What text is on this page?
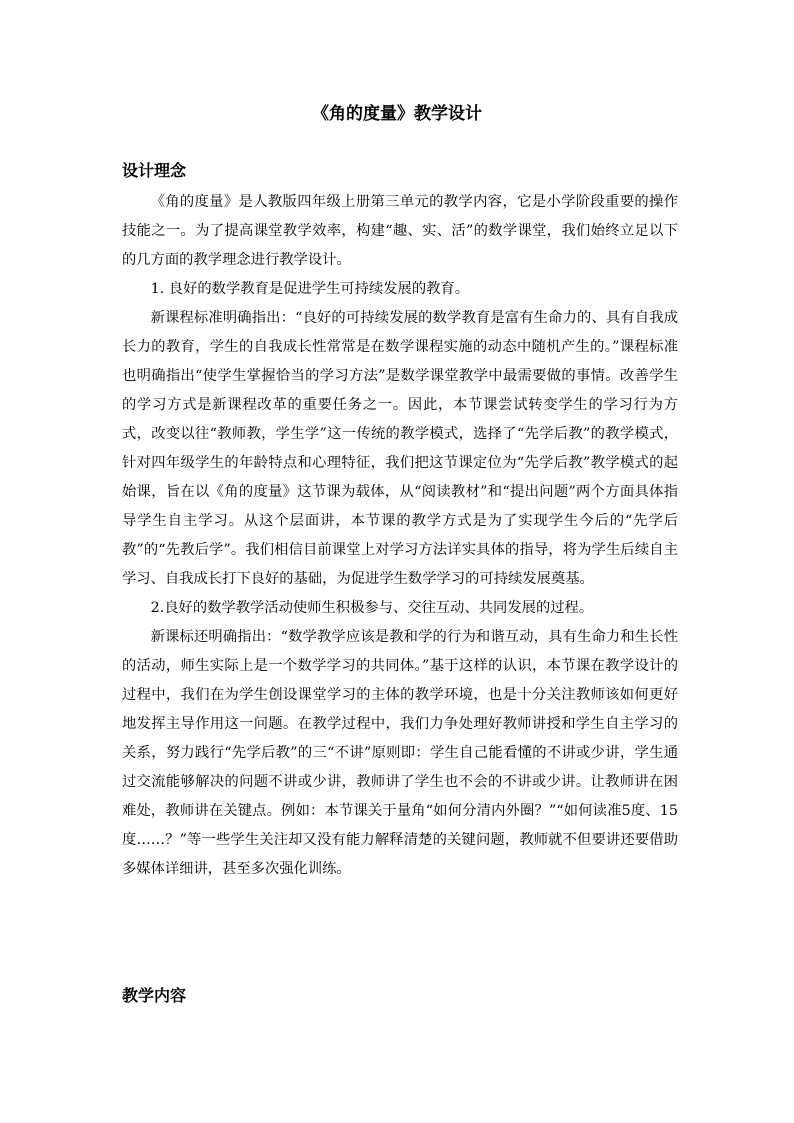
《角的度量》教学设计
设计理念

《角的度量》是人教版四年级上册第三单元的教学内容，它是小学阶段重要的操作技能之一。为了提高课堂教学效率，构建“趣、实、活”的数学课堂，我们始终立足以下的几方面的教学理念进行教学设计。

1. 良好的数学教育是促进学生可持续发展的教育。

新课程标准明确指出：“良好的可持续发展的数学教育是富有生命力的、具有自我成长力的教育，学生的自我成长性常常是在数学课程实施的动态中随机产生的。”课程标准也明确指出“使学生掌握恰当的学习方法”是数学课堂教学中最需要做的事情。改善学生的学习方式是新课程改革的重要任务之一。因此，本节课尝试转变学生的学习行为方式，改变以往“教师教，学生学”这一传统的教学模式，选择了“先学后教”的教学模式，针对四年级学生的年龄特点和心理特征，我们把这节课定位为“先学后教”教学模式的起始课，旨在以《角的度量》这节课为载体，从“阅读教材”和“提出问题”两个方面具体指导学生自主学习。从这个层面讲，本节课的教学方式是为了实现学生今后的“先学后教”的“先教后学”。我们相信目前课堂上对学习方法详实具体的指导，将为学生后续自主学习、自我成长打下良好的基础，为促进学生数学学习的可持续发展奠基。

2.良好的数学教学活动使师生积极参与、交往互动、共同发展的过程。

新课标还明确指出：“数学教学应该是教和学的行为和谐互动，具有生命力和生长性的活动，师生实际上是一个数学学习的共同体。”基于这样的认识，本节课在教学设计的过程中，我们在为学生创设课堂学习的主体的教学环境，也是十分关注教师该如何更好地发挥主导作用这一问题。在教学过程中，我们力争处理好教师讲授和学生自主学习的关系，努力践行“先学后教”的三“不讲”原则即：学生自己能看懂的不讲或少讲，学生通过交流能够解决的问题不讲或少讲，教师讲了学生也不会的不讲或少讲。让教师讲在困难处，教师讲在关键点。例如：本节课关于量角“如何分清内外圈？”“如何读准5度、15度……？”等一些学生关注却又没有能力解释清楚的关键问题，教师就不但要讲还要借助多媒体详细讲，甚至多次强化训练。

教学内容
